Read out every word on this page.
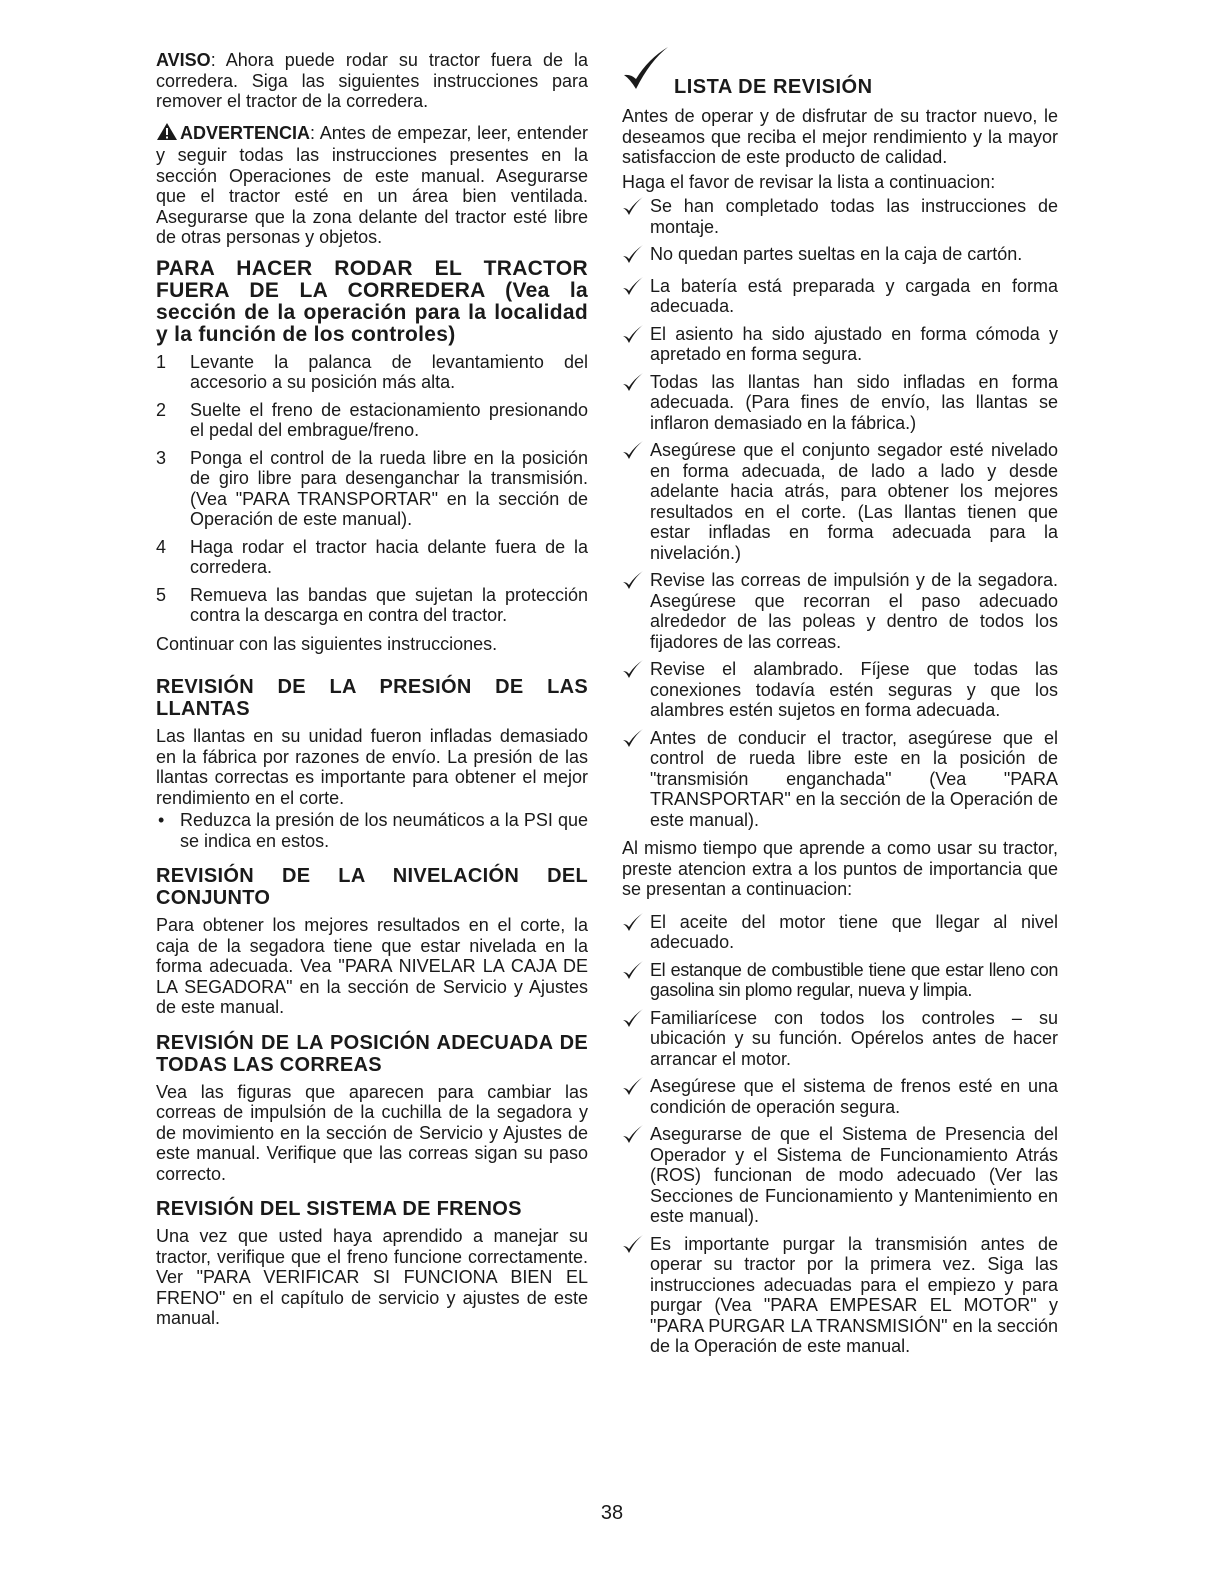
AVISO: Ahora puede rodar su tractor fuera de la corredera. Siga las siguientes instrucciones para remover el tractor de la corredera.

ADVERTENCIA: Antes de empezar, leer, entender y seguir todas las instrucciones presentes en la sección Operaciones de este manual. Asegurarse que el tractor esté en un área bien ventilada. Asegurarse que la zona delante del tractor esté libre de otras personas y objetos.

PARA HACER RODAR EL TRACTOR FUERA DE LA CORREDERA (Vea la sección de la operación para la localidad y la función de los controles)
1	Levante la palanca de levantamiento del accesorio a su posición más alta.
2	Suelte el freno de estacionamiento presionando el pedal del embrague/freno.
3	Ponga el control de la rueda libre en la posición de giro libre para desenganchar la transmisión. (Vea "PARA TRANSPORTAR" en la sección de Operación de este manual).
4	Haga rodar el tractor hacia delante fuera de la corredera.
5	Remueva las bandas que sujetan la protección contra la descarga en contra del tractor.

Continuar con las siguientes instrucciones.

REVISIÓN DE LA PRESIÓN DE LAS LLANTAS

Las llantas en su unidad fueron infladas demasiado en la fábrica por razones de envío. La presión de las llantas correctas es importante para obtener el mejor rendimiento en el corte.

• Reduzca la presión de los neumáticos a la PSI que se indica en estos.
REVISIÓN DE LA NIVELACIÓN DEL CONJUNTO

Para obtener los mejores resultados en el corte, la caja de la segadora tiene que estar nivelada en la forma adecuada. Vea "PARA NIVELAR LA CAJA DE LA SEGADORA" en la sección de Servicio y Ajustes de este manual.

REVISIÓN DE LA POSICIÓN ADECUADA DE TODAS LAS CORREAS

Vea las figuras que aparecen para cambiar las correas de impulsión de la cuchilla de la segadora y de movimiento en la sección de Servicio y Ajustes de este manual. Verifique que las correas sigan su paso correcto.

REVISIÓN DEL SISTEMA DE FRENOS

Una vez que usted haya aprendido a manejar su tractor, verifique que el freno funcione correctamente. Ver "PARA VERIFICAR SI FUNCIONA BIEN EL FRENO" en el capítulo de servicio y ajustes de este manual.

LISTA DE REVISIÓN

Antes de operar y de disfrutar de su tractor nuevo, le deseamos que reciba el mejor rendimiento y la mayor satisfaccion de este producto de calidad.

Haga el favor de revisar la lista a continuacion:

Se han completado todas las instrucciones de montaje.
No quedan partes sueltas en la caja de cartón.
La batería está preparada y cargada en forma adecuada.
El asiento ha sido ajustado en forma cómoda y apretado en forma segura.
Todas las llantas han sido infladas en forma adecuada. (Para fines de envío, las llantas se inflaron demasiado en la fábrica.)
Asegúrese que el conjunto segador esté nivelado en forma adecuada, de lado a lado y desde adelante hacia atrás, para obtener los mejores resultados en el corte. (Las llantas tienen que estar infladas en forma adecuada para la nivelación.)
Revise las correas de impulsión y de la segadora. Asegúrese que recorran el paso adecuado alrededor de las poleas y dentro de todos los fijadores de las correas.
Revise el alambrado. Fíjese que todas las conexiones todavía estén seguras y que los alambres estén sujetos en forma adecuada.
Antes de conducir el tractor, asegúrese que el control de rueda libre este en la posición de "transmisión enganchada" (Vea "PARA TRANSPORTAR" en la sección de la Operación de este manual).

Al mismo tiempo que aprende a como usar su tractor, preste atencion extra a los puntos de importancia que se presentan a continuacion:

El aceite del motor tiene que llegar al nivel adecuado.
El estanque de combustible tiene que estar lleno con gasolina sin plomo regular, nueva y limpia.
Familiarícese con todos los controles – su ubicación y su función. Opérelos antes de hacer arrancar el motor.
Asegúrese que el sistema de frenos esté en una condición de operación segura.
Asegurarse de que el Sistema de Presencia del Operador y el Sistema de Funcionamiento Atrás (ROS) funcionan de modo adecuado (Ver las Secciones de Funcionamiento y Mantenimiento en este manual).
Es importante purgar la transmisión antes de operar su tractor por la primera vez. Siga las instrucciones adecuadas para el empiezo y para purgar (Vea "PARA EMPESAR EL MOTOR" y "PARA PURGAR LA TRANSMISIÓN" en la sección de la Operación de este manual.
38
